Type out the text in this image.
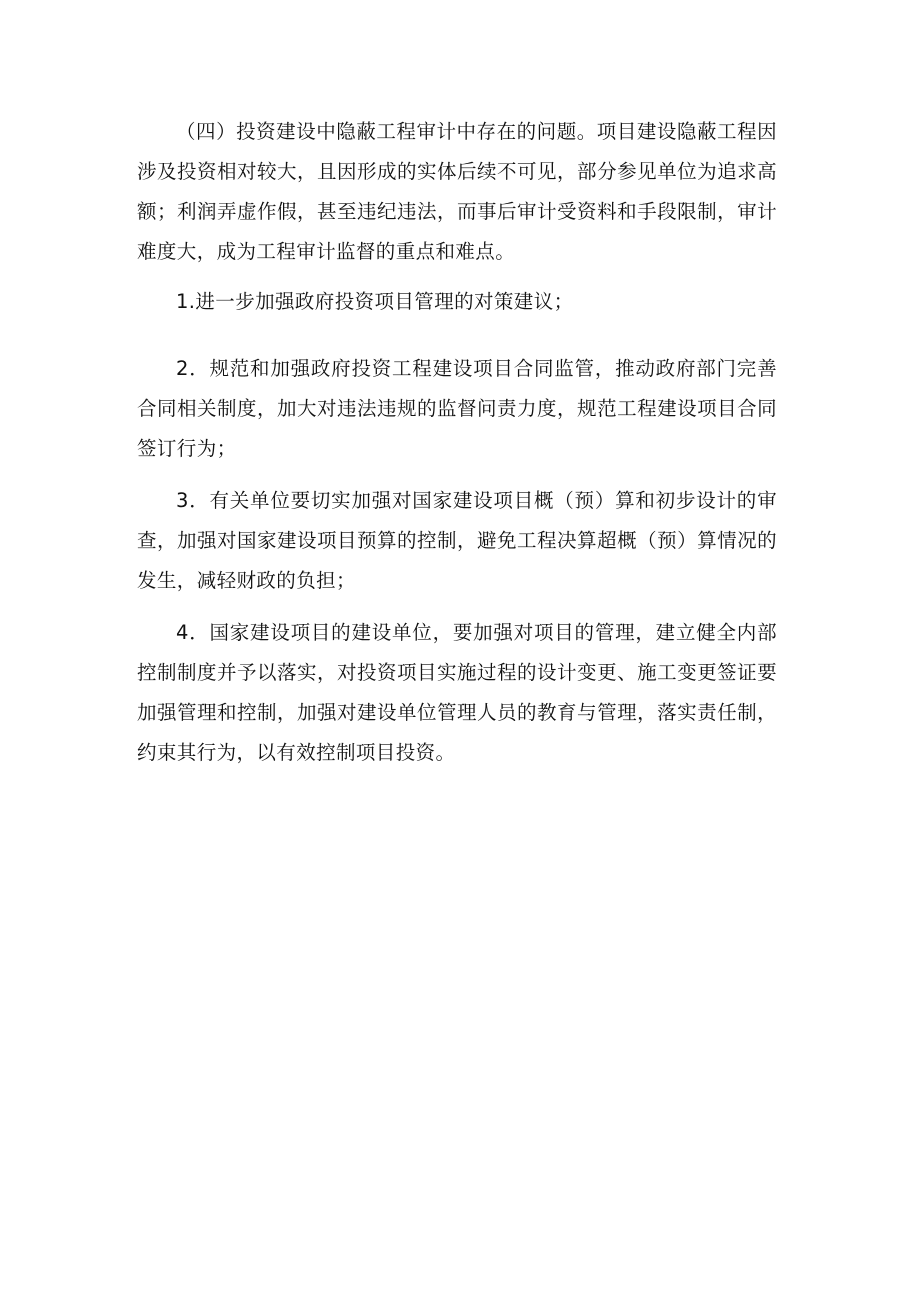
（四）投资建设中隐蔽工程审计中存在的问题。项目建设隐蔽工程因涉及投资相对较大，且因形成的实体后续不可见，部分参见单位为追求高额；利润弄虚作假，甚至违纪违法，而事后审计受资料和手段限制，审计难度大，成为工程审计监督的重点和难点。

1.进一步加强政府投资项目管理的对策建议；

2．规范和加强政府投资工程建设项目合同监管，推动政府部门完善合同相关制度，加大对违法违规的监督问责力度，规范工程建设项目合同签订行为；

3．有关单位要切实加强对国家建设项目概（预）算和初步设计的审查，加强对国家建设项目预算的控制，避免工程决算超概（预）算情况的发生，减轻财政的负担；

4．国家建设项目的建设单位，要加强对项目的管理，建立健全内部控制制度并予以落实，对投资项目实施过程的设计变更、施工变更签证要加强管理和控制，加强对建设单位管理人员的教育与管理，落实责任制，约束其行为，以有效控制项目投资。
